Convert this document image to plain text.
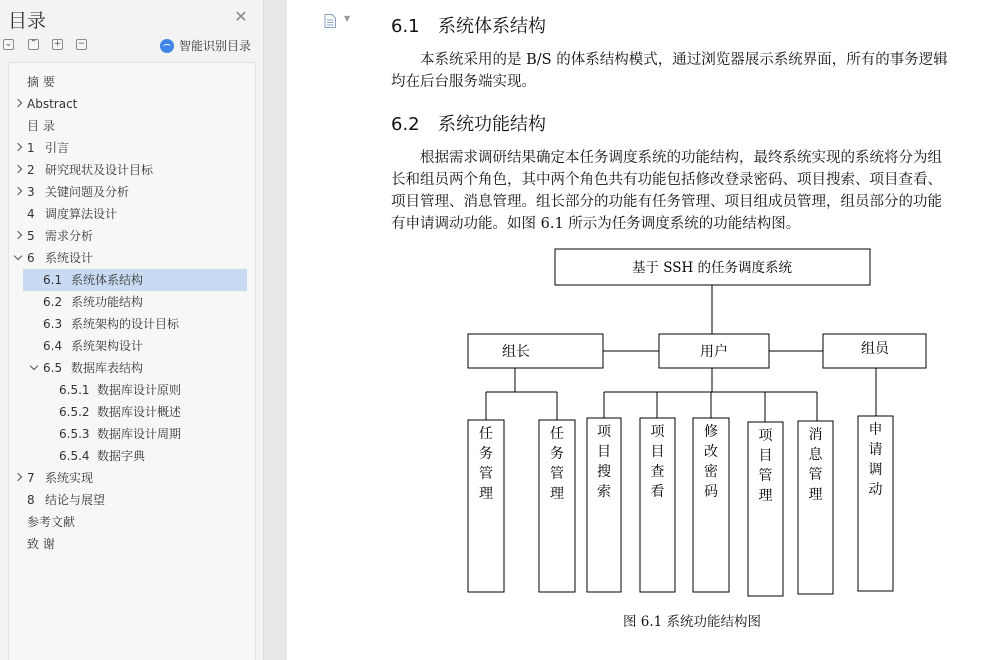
目录	✕
⌄ ⌃ + −	智能识别目录
摘 要
Abstract
目 录
1 引言
2 研究现状及设计目标
3 关键问题及分析
4 调度算法设计
5 需求分析
6 系统设计
6.1 系统体系结构
6.2 系统功能结构
6.3 系统架构的设计目标
6.4 系统架构设计
6.5 数据库表结构
6.5.1 数据库设计原则
6.5.2 数据库设计概述
6.5.3 数据库设计周期
6.5.4 数据字典
7 系统实现
8 结论与展望
参考文献
致 谢
▼ 6.1 系统体系结构
　　本系统采用的是 B/S 的体系结构模式，通过浏览器展示系统界面，所有的事务逻辑
均在后台服务端实现。
6.2 系统功能结构
　　根据需求调研结果确定本任务调度系统的功能结构，最终系统实现的系统将分为组
长和组员两个角色，其中两个角色共有功能包括修改登录密码、项目搜索、项目查看、
项目管理、消息管理。组长部分的功能有任务管理、项目组成员管理，组员部分的功能
有申请调动功能。如图 6.1 所示为任务调度系统的功能结构图。
基于 SSH 的任务调度系统
组长	用户	组员
任务管理
任务管理
项目搜索
项目查看
修改密码
项目管理
消息管理
申请调动
图 6.1 系统功能结构图
